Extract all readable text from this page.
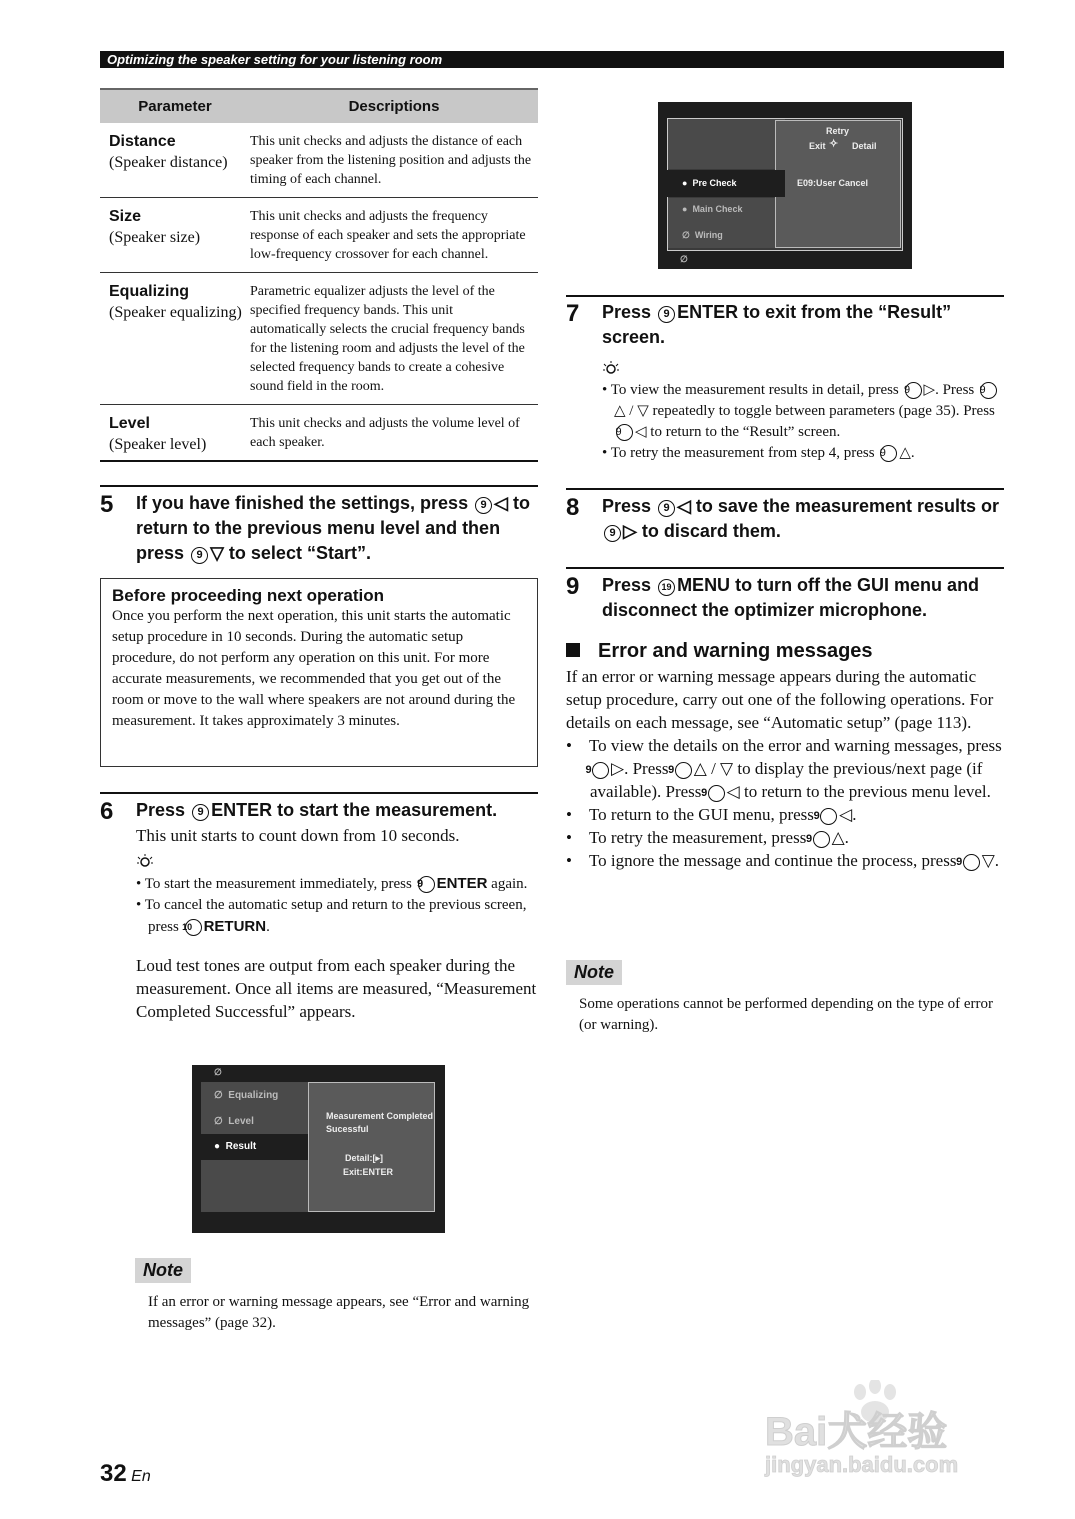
Optimizing the speaker setting for your listening room
Parameter	Descriptions

Distance
(Speaker distance)	This unit checks and adjusts the distance of each speaker from the listening position and adjusts the timing of each channel.

Size
(Speaker size)	This unit checks and adjusts the frequency response of each speaker and sets the appropriate low-frequency crossover for each channel.

Equalizing
(Speaker equalizing)	Parametric equalizer adjusts the level of the specified frequency bands. This unit automatically selects the crucial frequency bands for the listening room and adjusts the level of the selected frequency bands to create a cohesive sound field in the room.

Level
(Speaker level)	This unit checks and adjusts the volume level of each speaker.
5 If you have finished the settings, press 9 ◁ to return to the previous menu level and then press 9 ▽ to select “Start”.
Before proceeding next operation
Once you perform the next operation, this unit starts the automatic setup procedure in 10 seconds. During the automatic setup procedure, do not perform any operation on this unit. For more accurate measurements, we recommended that you get out of the room or move to the wall where speakers are not around during the measurement. It takes approximately 3 minutes.
6 Press 9 ENTER to start the measurement.
This unit starts to count down from 10 seconds.
• To start the measurement immediately, press 9 ENTER again.
• To cancel the automatic setup and return to the previous screen, press 10 RETURN.
Loud test tones are output from each speaker during the measurement. Once all items are measured, “Measurement Completed Successful” appears.
∅
∅  Equalizing
∅  Level
●  Result
Measurement Completed
Sucessful
Detail:[▸]
Exit:ENTER
Note
If an error or warning message appears, see “Error and warning messages” (page 32).
Retry
Exit ✧ Detail
E09:User Cancel
●  Pre Check
●  Main Check
∅  Wiring
∅
7 Press 9 ENTER to exit from the “Result” screen.
• To view the measurement results in detail, press 9 ▷. Press 9△ / ▽ repeatedly to toggle between parameters (page 35). Press 9 ◁ to return to the “Result” screen.
• To retry the measurement from step 4, press 9 △.
8 Press 9 ◁ to save the measurement results or 9 ▷ to discard them.
9 Press 19 MENU to turn off the GUI menu and disconnect the optimizer microphone.
Error and warning messages
If an error or warning message appears during the automatic setup procedure, carry out one of the following operations. For details on each message, see “Automatic setup” (page 113).
•    To view the details on the error and warning messages, press 9 ▷. Press 9 △ / ▽ to display the previous/next page (if available). Press 9 ◁ to return to the previous menu level.
•    To return to the GUI menu, press 9 ◁.
•    To retry the measurement, press 9 △.
•    To ignore the message and continue the process, press 9 ▽.
Note
Some operations cannot be performed depending on the type of error (or warning).
32 En
Bai犬经验
jingyan.baidu.com
